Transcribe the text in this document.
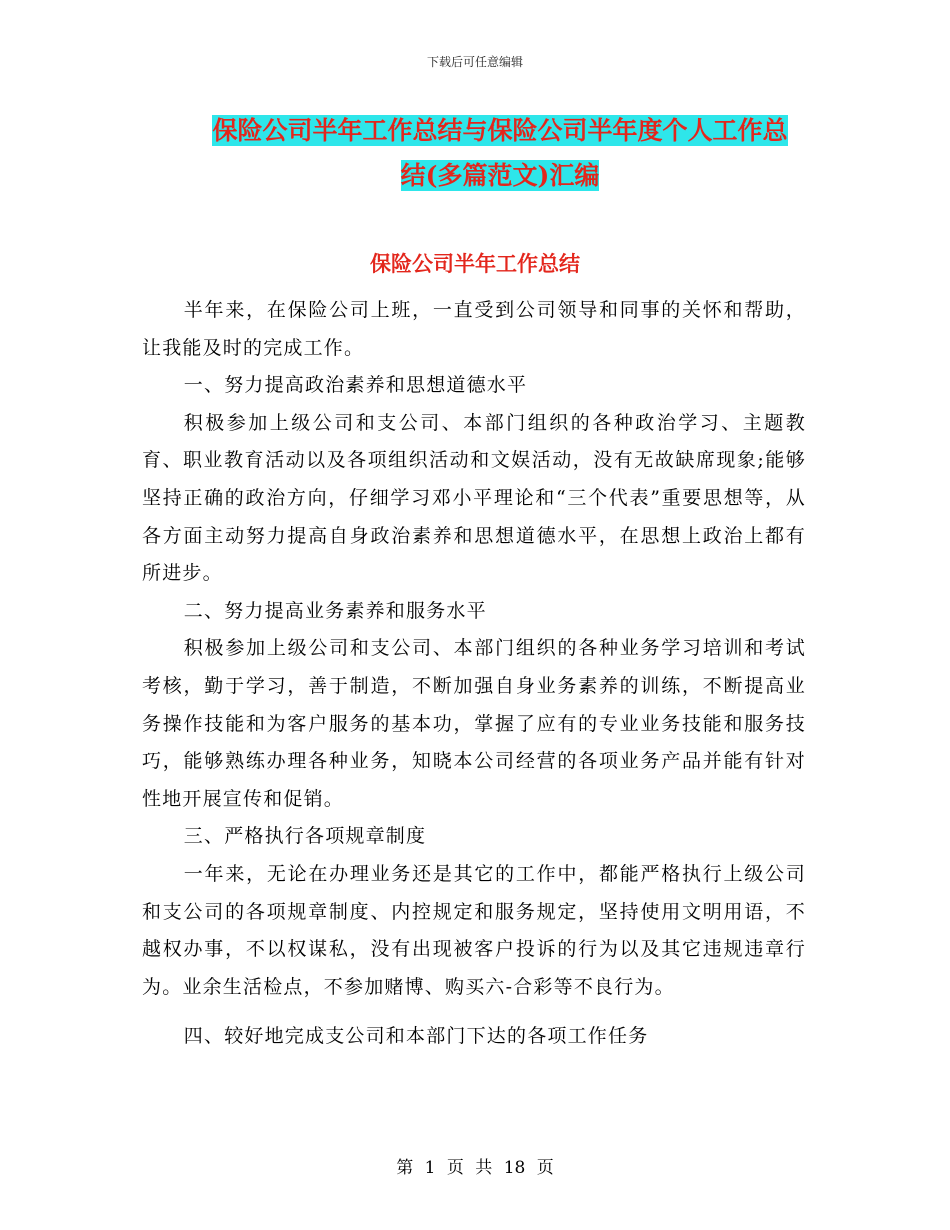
下载后可任意编辑
保险公司半年工作总结与保险公司半年度个人工作总
结(多篇范文)汇编
保险公司半年工作总结

半年来，在保险公司上班，一直受到公司领导和同事的关怀和帮助，让我能及时的完成工作。

一、努力提高政治素养和思想道德水平

积极参加上级公司和支公司、本部门组织的各种政治学习、主题教育、职业教育活动以及各项组织活动和文娱活动，没有无故缺席现象;能够坚持正确的政治方向，仔细学习邓小平理论和“三个代表”重要思想等，从各方面主动努力提高自身政治素养和思想道德水平，在思想上政治上都有所进步。

二、努力提高业务素养和服务水平

积极参加上级公司和支公司、本部门组织的各种业务学习培训和考试考核，勤于学习，善于制造，不断加强自身业务素养的训练，不断提高业务操作技能和为客户服务的基本功，掌握了应有的专业业务技能和服务技巧，能够熟练办理各种业务，知晓本公司经营的各项业务产品并能有针对性地开展宣传和促销。

三、严格执行各项规章制度

一年来，无论在办理业务还是其它的工作中，都能严格执行上级公司和支公司的各项规章制度、内控规定和服务规定，坚持使用文明用语，不越权办事，不以权谋私，没有出现被客户投诉的行为以及其它违规违章行为。业余生活检点，不参加赌博、购买六-合彩等不良行为。

四、较好地完成支公司和本部门下达的各项工作任务

第 1 页 共 18 页
